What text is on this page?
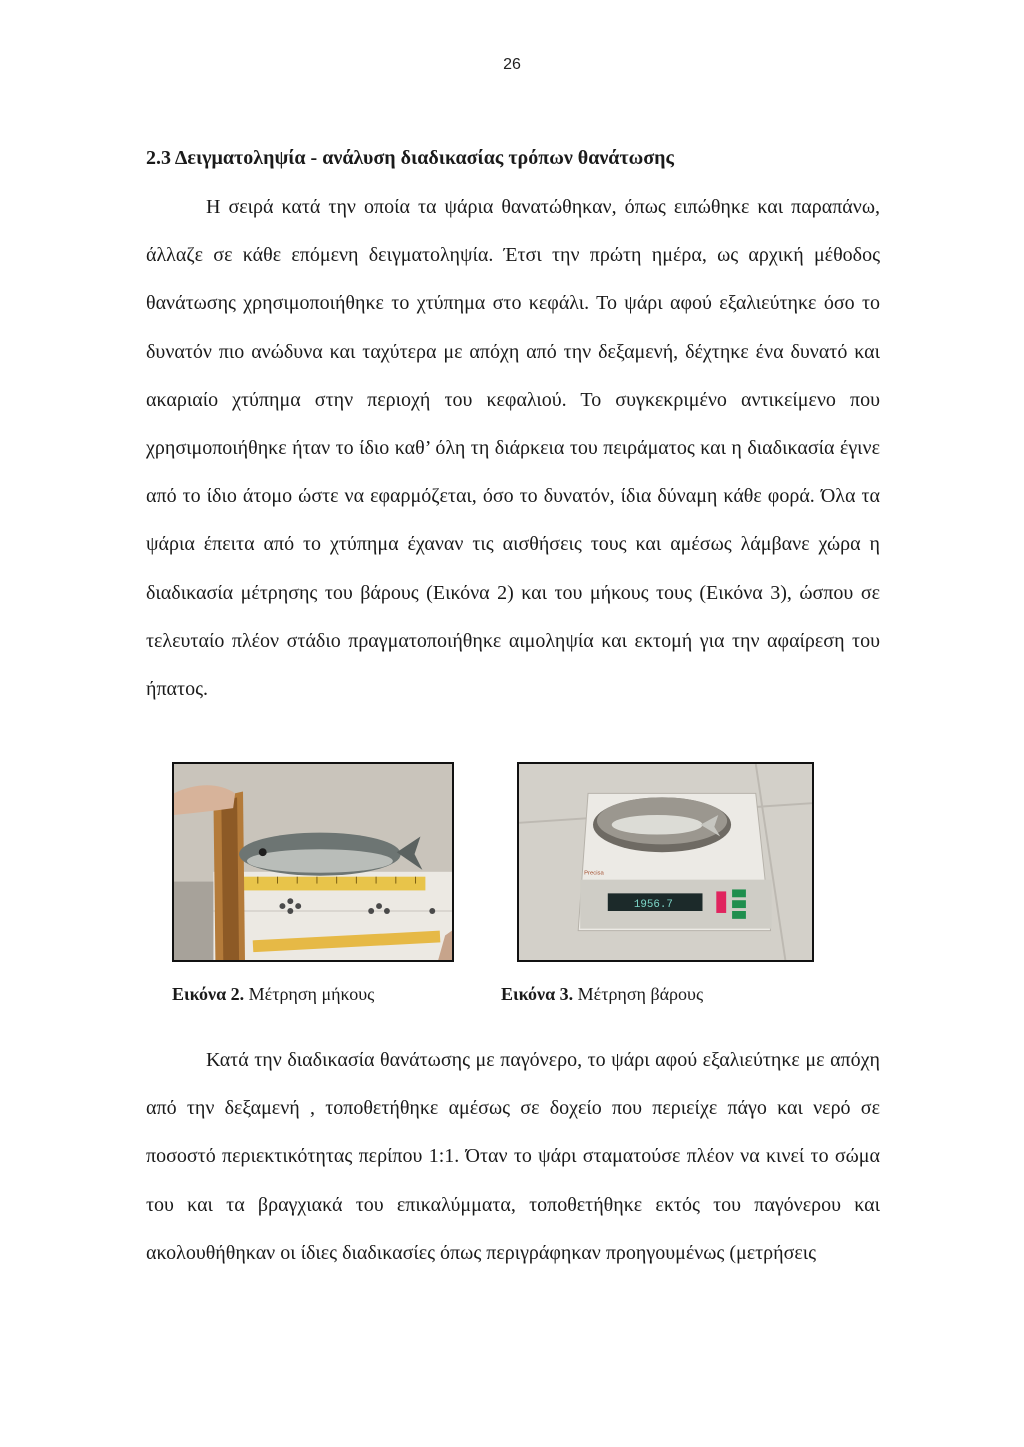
26
2.3 Δειγματοληψία - ανάλυση διαδικασίας τρόπων θανάτωσης

Η σειρά κατά την οποία τα ψάρια θανατώθηκαν, όπως ειπώθηκε και παραπάνω, άλλαζε σε κάθε επόμενη δειγματοληψία. Έτσι την πρώτη ημέρα, ως αρχική μέθοδος θανάτωσης χρησιμοποιήθηκε το χτύπημα στο κεφάλι. Το ψάρι αφού εξαλιεύτηκε όσο το δυνατόν πιο ανώδυνα και ταχύτερα με απόχη από την δεξαμενή, δέχτηκε ένα δυνατό και ακαριαίο χτύπημα στην περιοχή του κεφαλιού. Το συγκεκριμένο αντικείμενο που χρησιμοποιήθηκε ήταν το ίδιο καθ’ όλη τη διάρκεια του πειράματος και η διαδικασία έγινε από το ίδιο άτομο ώστε να εφαρμόζεται, όσο το δυνατόν, ίδια δύναμη κάθε φορά. Όλα τα ψάρια έπειτα από το χτύπημα έχαναν τις αισθήσεις τους και αμέσως λάμβανε χώρα η διαδικασία μέτρησης του βάρους (Εικόνα 2) και του μήκους τους (Εικόνα 3), ώσπου σε τελευταίο πλέον στάδιο πραγματοποιήθηκε αιμοληψία και εκτομή για την αφαίρεση του ήπατος.

1956.7
Precisa
Εικόνα 2. Μέτρηση μήκους	Εικόνα 3. Μέτρηση βάρους

Κατά την διαδικασία θανάτωσης με παγόνερο, το ψάρι αφού εξαλιεύτηκε με απόχη από την δεξαμενή , τοποθετήθηκε αμέσως σε δοχείο που περιείχε πάγο και νερό σε ποσοστό περιεκτικότητας περίπου 1:1. Όταν το ψάρι σταματούσε πλέον να κινεί το σώμα του και τα βραγχιακά του επικαλύμματα, τοποθετήθηκε εκτός του παγόνερου και ακολουθήθηκαν οι ίδιες διαδικασίες όπως περιγράφηκαν προηγουμένως (μετρήσεις
